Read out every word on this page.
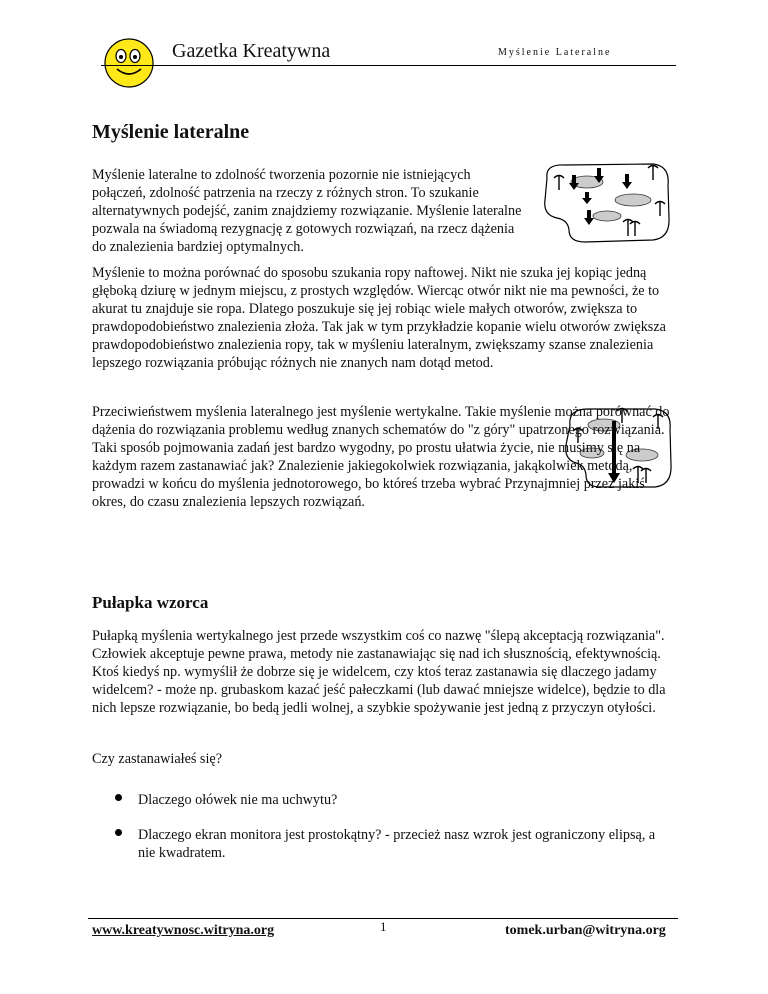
Gazetka Kreatywna	Myślenie Lateralne
Myślenie lateralne
Myślenie lateralne to zdolność tworzenia pozornie nie istniejących połączeń, zdolność patrzenia na rzeczy z różnych stron. To szukanie alternatywnych podejść, zanim znajdziemy rozwiązanie. Myślenie lateralne pozwala na świadomą rezygnację z gotowych rozwiązań, na rzecz dążenia do znalezienia bardziej optymalnych.
Myślenie to można porównać do sposobu szukania ropy naftowej. Nikt nie szuka jej kopiąc jedną głęboką dziurę w jednym miejscu, z prostych względów. Wiercąc otwór nikt nie ma pewności, że to akurat tu znajduje sie ropa. Dlatego poszukuje się jej robiąc wiele małych otworów, zwiększa to prawdopodobieństwo znalezienia złoża. Tak jak w tym przykładzie kopanie wielu otworów zwiększa prawdopodobieństwo znalezienia ropy, tak w myśleniu lateralnym, zwiększamy szanse znalezienia lepszego rozwiązania próbując różnych nie znanych nam dotąd metod.
Przeciwieństwem myślenia lateralnego jest myślenie wertykalne. Takie myślenie można porównać do dążenia do rozwiązania problemu według znanych schematów do "z góry" upatrzonego rozwiązania. Taki sposób pojmowania zadań jest bardzo wygodny, po prostu ułatwia życie, nie musimy się na każdym razem zastanawiać jak? Znalezienie jakiegokolwiek rozwiązania, jakąkolwiek metodą, prowadzi w końcu do myślenia jednotorowego, bo któreś trzeba wybrać Przynajmniej przez jakiś okres, do czasu znalezienia lepszych rozwiązań.
Pułapka wzorca
Pułapką myślenia wertykalnego jest przede wszystkim coś co nazwę "ślepą akceptacją rozwiązania". Człowiek akceptuje pewne prawa, metody nie zastanawiając się nad ich słusznością, efektywnością. Ktoś kiedyś np. wymyślił że dobrze się je widelcem, czy ktoś teraz zastanawia się dlaczego jadamy widelcem? - może np. grubaskom kazać jeść pałeczkami (lub dawać mniejsze widelce), będzie to dla nich lepsze rozwiązanie, bo bedą jedli wolnej, a szybkie spożywanie jest jedną z przyczyn otyłości.
Czy zastanawiałeś się?
Dlaczego ołówek nie ma uchwytu?
Dlaczego ekran monitora jest prostokątny? - przecież nasz wzrok jest ograniczony elipsą, a nie kwadratem.
www.kreatywnosc.witryna.org	1	tomek.urban@witryna.org
